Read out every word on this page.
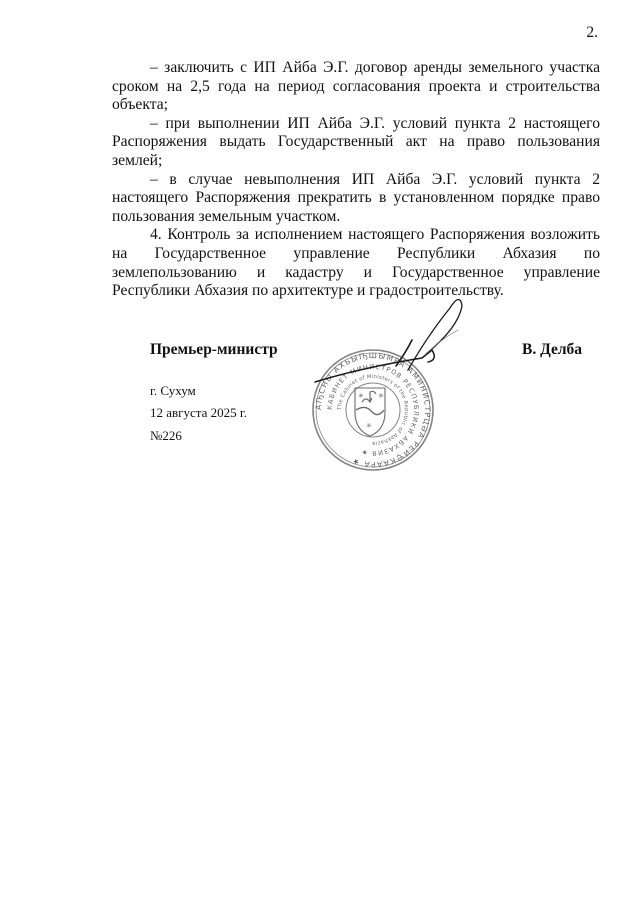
2.

– заключить с ИП Айба Э.Г. договор аренды земельного участка сроком на 2,5 года на период согласования проекта и строительства объекта;

– при выполнении ИП Айба Э.Г. условий пункта 2 настоящего Распоряжения выдать Государственный акт на право пользования землей;

– в случае невыполнения ИП Айба Э.Г. условий пункта 2 настоящего Распоряжения прекратить в установленном порядке право пользования земельным участком.

4. Контроль за исполнением настоящего Распоряжения возложить на Государственное управление Республики Абхазия по землепользованию и кадастру и Государственное управление Республики Абхазия по архитектуре и градостроительству.

Премьер-министр	В. Делба
г. Сухум
12 августа 2025 г.
№226
АҦСНЫ АХЬЫҦШЫМРА АМИНИСТРЦӘА РЕИҾКААРА ★
КАБИНЕТ МИНИСТРОВ РЕСПУБЛИКИ АБХАЗИЯ ★
The Cabinet of Ministers of the Republic of Abkhazia
✳ ✳
✳
